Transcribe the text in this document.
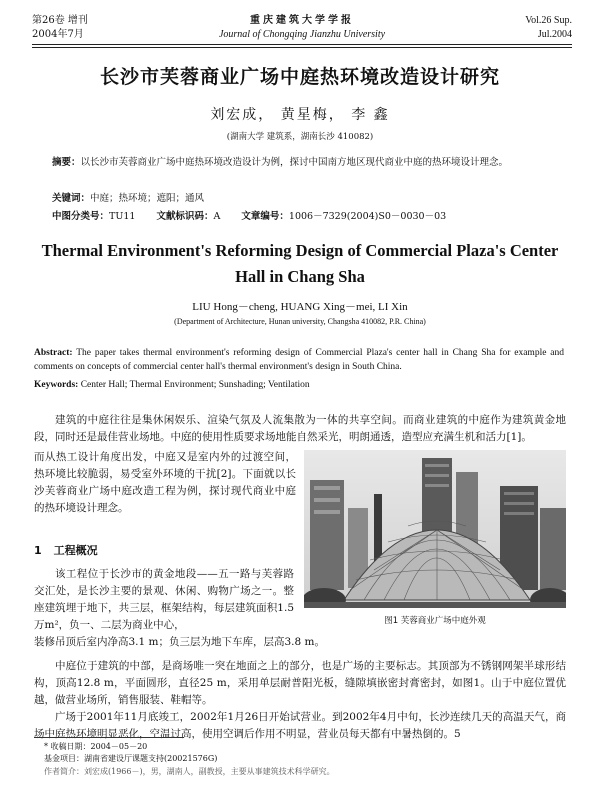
第26卷 增刊
2004年7月
重庆建筑大学学报
Journal of Chongqing Jianzhu University
Vol.26 Sup.
Jul.2004
长沙市芙蓉商业广场中庭热环境改造设计研究
刘宏成， 黄星梅， 李 鑫
(湖南大学 建筑系，湖南长沙 410082)
摘要：以长沙市芙蓉商业广场中庭热环境改造设计为例，探讨中国南方地区现代商业中庭的热环境设计理念。
关键词：中庭；热环境；遮阳；通风
中图分类号：TU11 文献标识码：A 文章编号：1006－7329(2004)S0－0030－03
Thermal Environment's Reforming Design of Commercial Plaza's Center Hall in Chang Sha
LIU Hong－cheng, HUANG Xing－mei, LI Xin
(Department of Architecture, Hunan university, Changsha 410082, P.R. China)
Abstract: The paper takes thermal environment's reforming design of Commercial Plaza's center hall in Chang Sha for example and comments on concepts of commercial center hall's thermal environment's design in South China.
Keywords: Center Hall; Thermal Environment; Sunshading; Ventilation
建筑的中庭往往是集休闲娱乐、渲染气氛及人流集散为一体的共享空间。而商业建筑的中庭作为建筑黄金地段，同时还是最佳营业场地。中庭的使用性质要求场地能自然采光，明朗通透，造型应充满生机和活力[1]。
而从热工设计角度出发，中庭又是室内外的过渡空间，热环境比较脆弱，易受室外环境的干扰[2]。下面就以长沙芙蓉商业广场中庭改造工程为例，探讨现代商业中庭的热环境设计理念。
图1 芙蓉商业广场中庭外观
1 工程概况
该工程位于长沙市的黄金地段——五一路与芙蓉路交汇处，是长沙主要的景观、休闲、购物广场之一。整座建筑埋于地下，共三层，框架结构，每层建筑面积1.5万m²，负一、二层为商业中心，
装修吊顶后室内净高3.1 m；负三层为地下车库，层高3.8 m。
中庭位于建筑的中部，是商场唯一突在地面之上的部分，也是广场的主要标志。其顶部为不锈钢网架半球形结构，顶高12.8 m，平面圆形，直径25 m，采用单层耐普阳光板，缝隙填嵌密封膏密封，如图1。山于中庭位置优越，做营业场所，销售服装、鞋帽等。
广场于2001年11月底竣工，2002年1月26日开始试营业。到2002年4月中旬，长沙连续几天的高温天气，商场中庭热环境明显恶化，空温过高，使用空调后作用不明显，营业员每天都有中暑热倒的。5
* 收稿日期：2004－05－20
基金项目：湖南省建设厅课题支持(20021576G)
作者简介：刘宏成(1966－)，男，湖南人，副教授，主要从事建筑技术科学研究。
